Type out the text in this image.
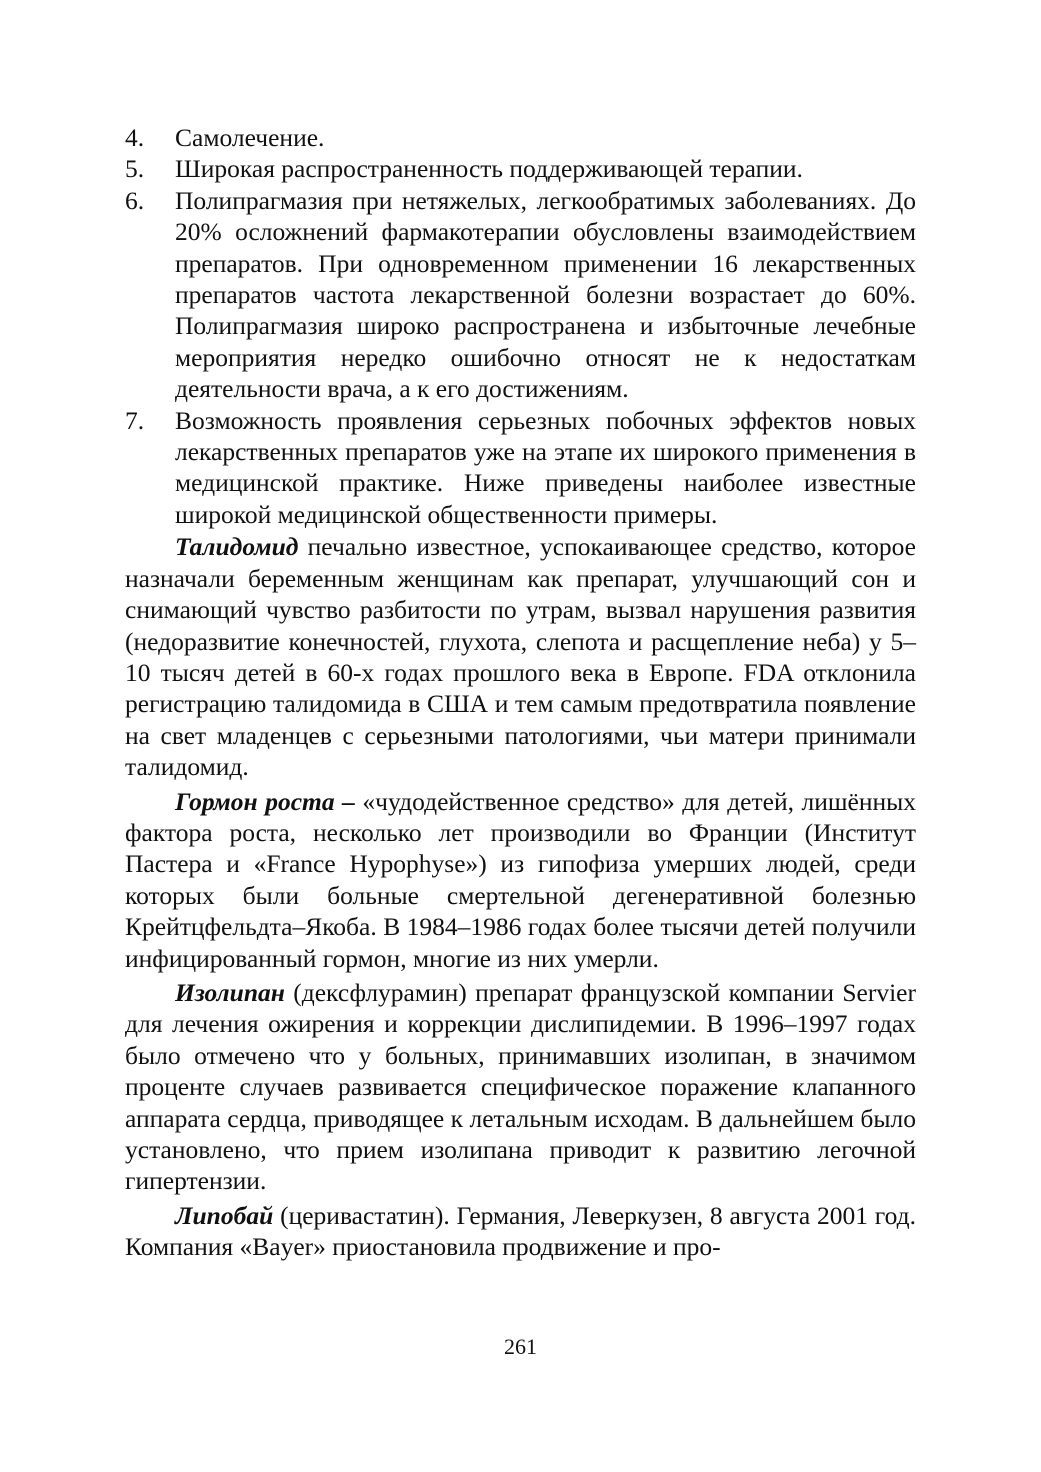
4.	Самолечение.
5.	Широкая распространенность поддерживающей терапии.
6.	Полипрагмазия при нетяжелых, легкообратимых заболеваниях. До 20% осложнений фармакотерапии обусловлены взаимодействием препаратов. При одновременном применении 16 лекарственных препаратов частота лекарственной болезни возрастает до 60%. Полипрагмазия широко распространена и избыточные лечебные мероприятия нередко ошибочно относят не к недостаткам деятельности врача, а к его достижениям.
7.	Возможность проявления серьезных побочных эффектов новых лекарственных препаратов уже на этапе их широкого применения в медицинской практике. Ниже приведены наиболее известные широкой медицинской общественности примеры.

Талидомид печально известное, успокаивающее средство, которое назначали беременным женщинам как препарат, улучшающий сон и снимающий чувство разбитости по утрам, вызвал нарушения развития (недоразвитие конечностей, глухота, слепота и расщепление неба) у 5–10 тысяч детей в 60-х годах прошлого века в Европе. FDA отклонила регистрацию талидомида в США и тем самым предотвратила появление на свет младенцев с серьезными патологиями, чьи матери принимали талидомид.

Гормон роста – «чудодейственное средство» для детей, лишённых фактора роста, несколько лет производили во Франции (Институт Пастера и «France Hypophyse») из гипофиза умерших людей, среди которых были больные смертельной дегенеративной болезнью Крейтцфельдта–Якоба. В 1984–1986 годах более тысячи детей получили инфицированный гормон, многие из них умерли.

Изолипан (дексфлурамин) препарат французской компании Servier для лечения ожирения и коррекции дислипидемии. В 1996–1997 годах было отмечено что у больных, принимавших изолипан, в значимом проценте случаев развивается специфическое поражение клапанного аппарата сердца, приводящее к летальным исходам. В дальнейшем было установлено, что прием изолипана приводит к развитию легочной гипертензии.

Липобай (церивастатин). Германия, Леверкузен, 8 августа 2001 год. Компания «Bayer» приостановила продвижение и про-

261
